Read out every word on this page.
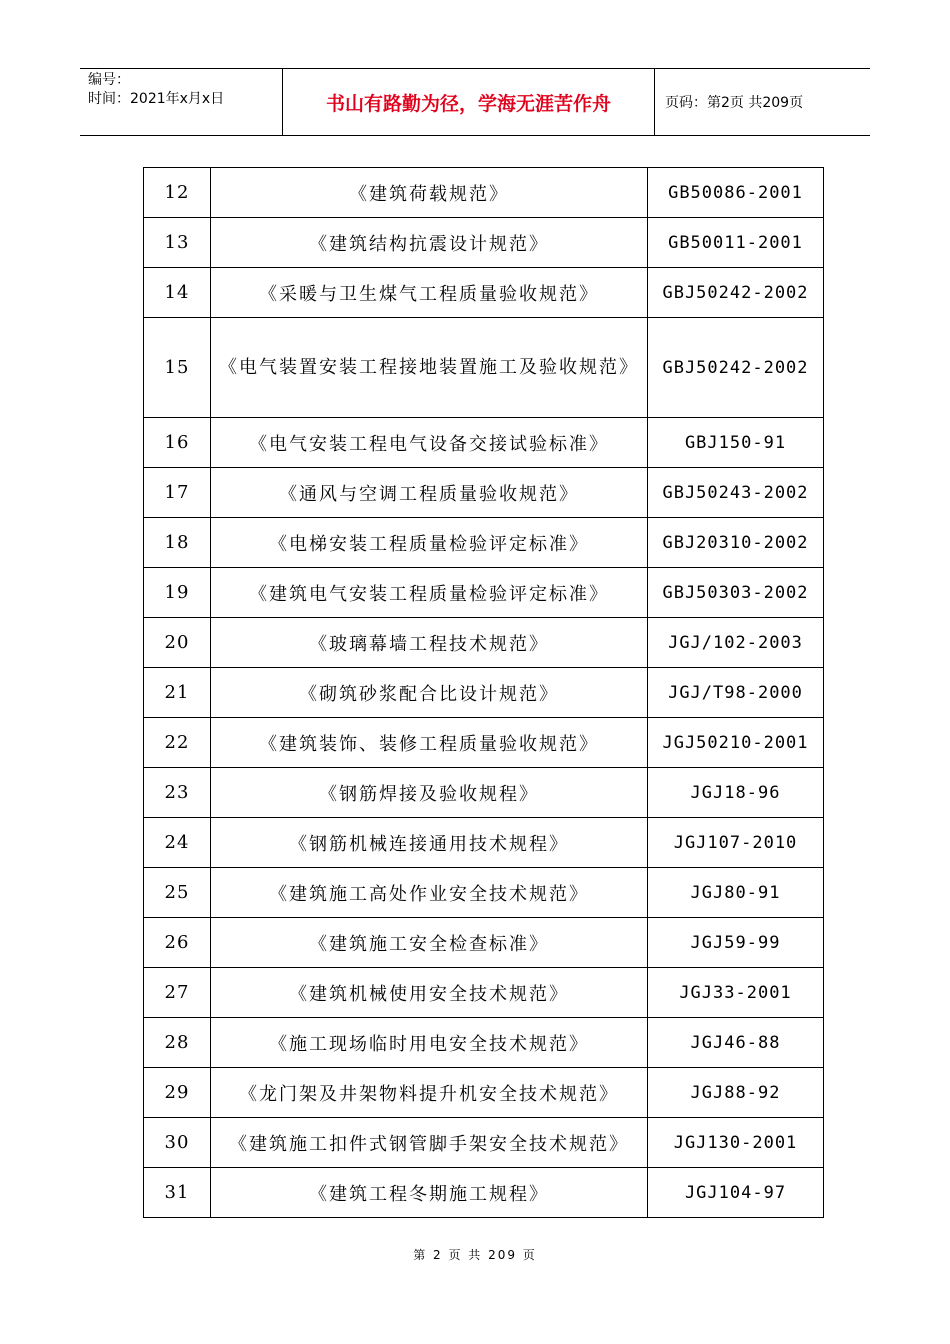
编号：
时间：2021年x月x日	书山有路勤为径，学海无涯苦作舟	页码：第2页 共209页
12	《建筑荷载规范》	GB50086-2001
13	《建筑结构抗震设计规范》	GB50011-2001
14	《采暖与卫生煤气工程质量验收规范》	GBJ50242-2002
15	《电气装置安装工程接地装置施工及验收规范》	GBJ50242-2002
16	《电气安装工程电气设备交接试验标准》	GBJ150-91
17	《通风与空调工程质量验收规范》	GBJ50243-2002
18	《电梯安装工程质量检验评定标准》	GBJ20310-2002
19	《建筑电气安装工程质量检验评定标准》	GBJ50303-2002
20	《玻璃幕墙工程技术规范》	JGJ/102-2003
21	《砌筑砂浆配合比设计规范》	JGJ/T98-2000
22	《建筑装饰、装修工程质量验收规范》	JGJ50210-2001
23	《钢筋焊接及验收规程》	JGJ18-96
24	《钢筋机械连接通用技术规程》	JGJ107-2010
25	《建筑施工高处作业安全技术规范》	JGJ80-91
26	《建筑施工安全检查标准》	JGJ59-99
27	《建筑机械使用安全技术规范》	JGJ33-2001
28	《施工现场临时用电安全技术规范》	JGJ46-88
29	《龙门架及井架物料提升机安全技术规范》	JGJ88-92
30	《建筑施工扣件式钢管脚手架安全技术规范》	JGJ130-2001
31	《建筑工程冬期施工规程》	JGJ104-97
第 2 页 共 209 页
